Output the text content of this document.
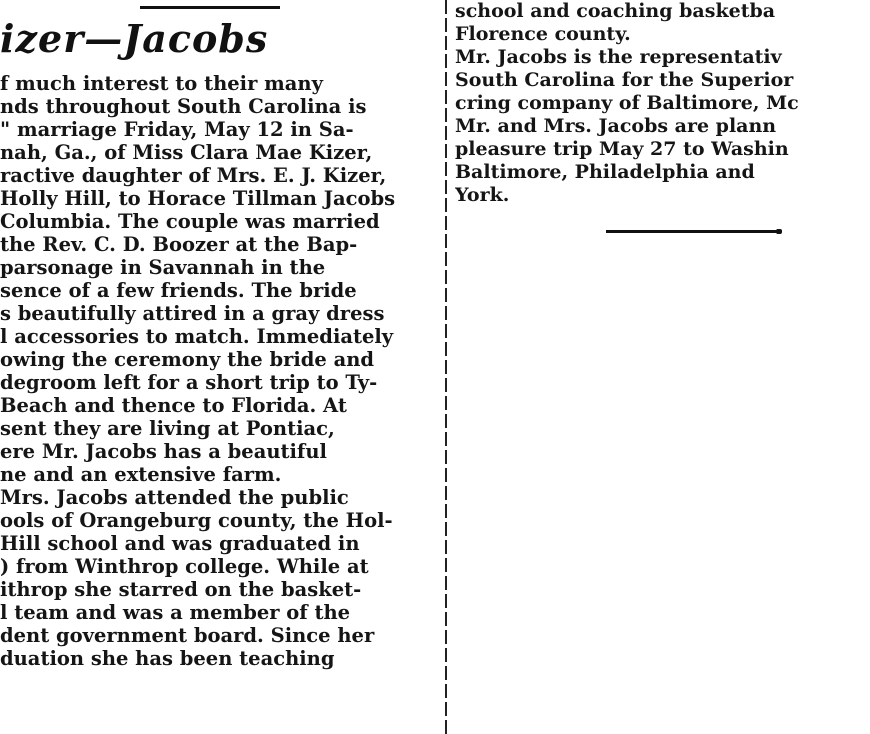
izer—Jacobs
f much interest to their many
nds throughout South Carolina is
" marriage Friday, May 12 in Sa-
nah, Ga., of Miss Clara Mae Kizer,
ractive daughter of Mrs. E. J. Kizer,
Holly Hill, to Horace Tillman Jacobs
Columbia. The couple was married
the Rev. C. D. Boozer at the Bap-
parsonage in Savannah in the
sence of a few friends. The bride
s beautifully attired in a gray dress
l accessories to match. Immediately
owing the ceremony the bride and
degroom left for a short trip to Ty-
Beach and thence to Florida. At
sent they are living at Pontiac,
ere Mr. Jacobs has a beautiful
ne and an extensive farm.
Mrs. Jacobs attended the public
ools of Orangeburg county, the Hol-
Hill school and was graduated in
) from Winthrop college. While at
ithrop she starred on the basket-
l team and was a member of the
dent government board. Since her
duation she has been teaching
school and coaching basketba
Florence county.
Mr. Jacobs is the representativ
South Carolina for the Superior
cring company of Baltimore, Mc
Mr. and Mrs. Jacobs are plann
pleasure trip May 27 to Washin
Baltimore, Philadelphia and
York.
